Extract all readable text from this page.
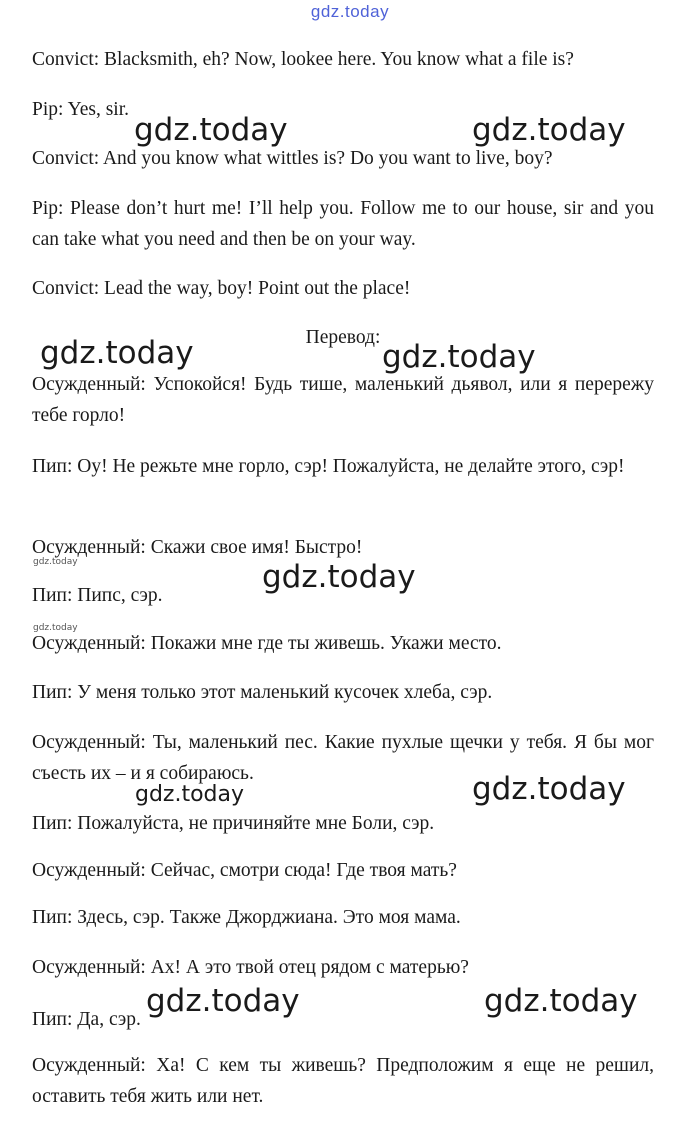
gdz.today
Convict: Blacksmith, eh? Now, lookee here. You know what a file is?
Pip: Yes, sir.
Convict: And you know what wittles is? Do you want to live, boy?
Pip: Please don’t hurt me! I’ll help you. Follow me to our house, sir and you can take what you need and then be on your way.
Convict: Lead the way, boy! Point out the place!
Перевод:
Осужденный: Успокойся! Будь тише, маленький дьявол, или я перережу тебе горло!
Пип: Оу! Не режьте мне горло, сэр! Пожалуйста, не делайте этого, сэр!
Осужденный: Скажи свое имя! Быстро!
Пип: Пипс, сэр.
Осужденный: Покажи мне где ты живешь. Укажи место.
Пип: У меня только этот маленький кусочек хлеба, сэр.
Осужденный: Ты, маленький пес. Какие пухлые щечки у тебя. Я бы мог съесть их – и я собираюсь.
Пип: Пожалуйста, не причиняйте мне Боли, сэр.
Осужденный: Сейчас, смотри сюда! Где твоя мать?
Пип: Здесь, сэр. Также Джорджиана. Это моя мама.
Осужденный: Ах! А это твой отец рядом с матерью?
Пип: Да, сэр.
Осужденный: Ха! С кем ты живешь? Предположим я еще не решил, оставить тебя жить или нет.
gdz.today	gdz.today
gdz.today	gdz.today
gdz.today	gdz.today
gdz.today
gdz.today	gdz.today
gdz.today	gdz.today
